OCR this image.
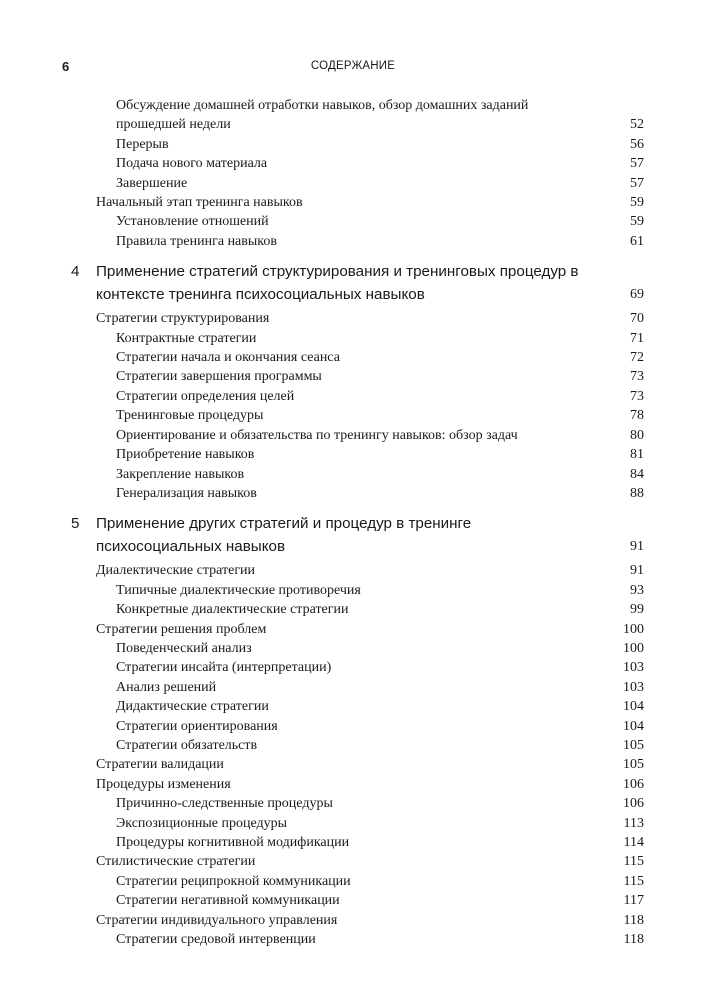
6	СОДЕРЖАНИЕ
Обсуждение домашней отработки навыков, обзор домашних заданий прошедшей недели	52
Перерыв	56
Подача нового материала	57
Завершение	57
Начальный этап тренинга навыков	59
Установление отношений	59
Правила тренинга навыков	61
4 Применение стратегий структурирования и тренинговых процедур в контексте тренинга психосоциальных навыков	69
Стратегии структурирования	70
Контрактные стратегии	71
Стратегии начала и окончания сеанса	72
Стратегии завершения программы	73
Стратегии определения целей	73
Тренинговые процедуры	78
Ориентирование и обязательства по тренингу навыков: обзор задач	80
Приобретение навыков	81
Закрепление навыков	84
Генерализация навыков	88
5 Применение других стратегий и процедур в тренинге психосоциальных навыков	91
Диалектические стратегии	91
Типичные диалектические противоречия	93
Конкретные диалектические стратегии	99
Стратегии решения проблем	100
Поведенческий анализ	100
Стратегии инсайта (интерпретации)	103
Анализ решений	103
Дидактические стратегии	104
Стратегии ориентирования	104
Стратегии обязательств	105
Стратегии валидации	105
Процедуры изменения	106
Причинно-следственные процедуры	106
Экспозиционные процедуры	113
Процедуры когнитивной модификации	114
Стилистические стратегии	115
Стратегии реципрокной коммуникации	115
Стратегии негативной коммуникации	117
Стратегии индивидуального управления	118
Стратегии средовой интервенции	118
